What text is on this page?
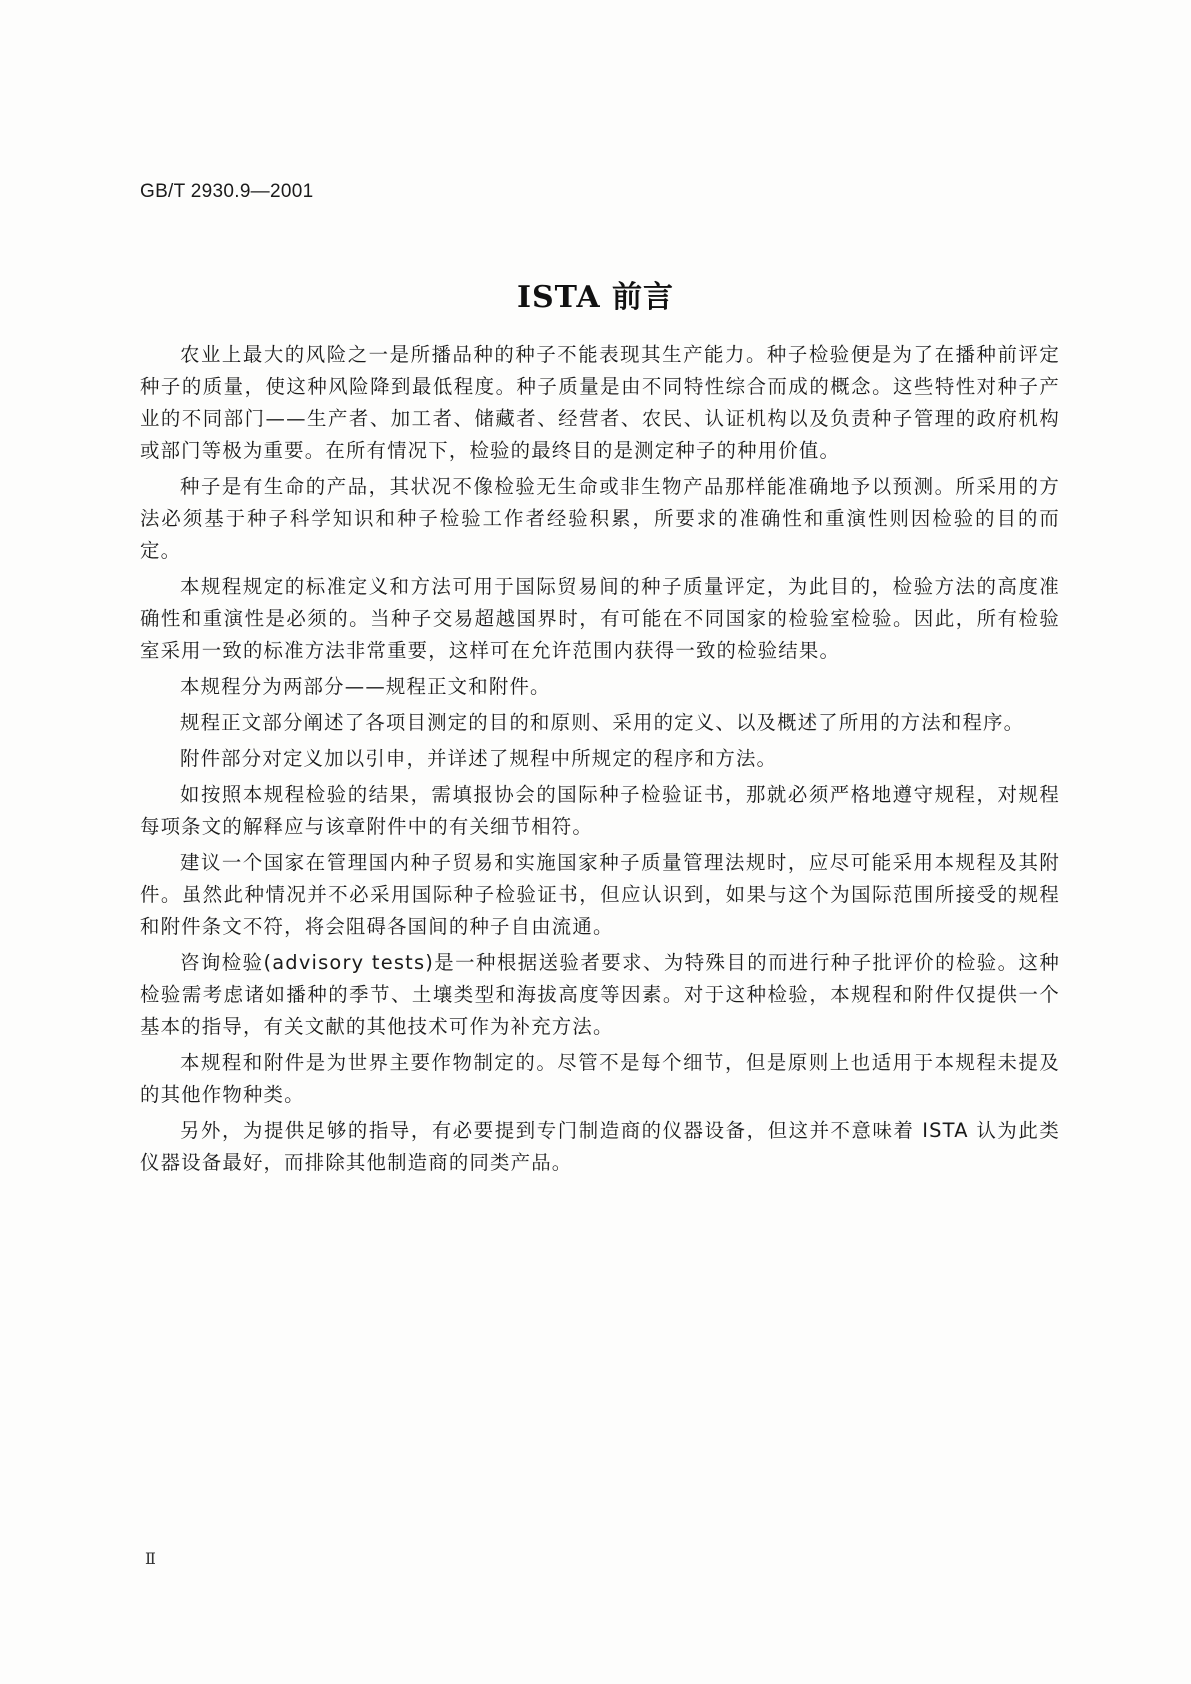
GB/T 2930.9—2001
ISTA 前言

农业上最大的风险之一是所播品种的种子不能表现其生产能力。种子检验便是为了在播种前评定种子的质量，使这种风险降到最低程度。种子质量是由不同特性综合而成的概念。这些特性对种子产业的不同部门——生产者、加工者、储藏者、经营者、农民、认证机构以及负责种子管理的政府机构或部门等极为重要。在所有情况下，检验的最终目的是测定种子的种用价值。

种子是有生命的产品，其状况不像检验无生命或非生物产品那样能准确地予以预测。所采用的方法必须基于种子科学知识和种子检验工作者经验积累，所要求的准确性和重演性则因检验的目的而定。

本规程规定的标准定义和方法可用于国际贸易间的种子质量评定，为此目的，检验方法的高度准确性和重演性是必须的。当种子交易超越国界时，有可能在不同国家的检验室检验。因此，所有检验室采用一致的标准方法非常重要，这样可在允许范围内获得一致的检验结果。

本规程分为两部分——规程正文和附件。

规程正文部分阐述了各项目测定的目的和原则、采用的定义、以及概述了所用的方法和程序。

附件部分对定义加以引申，并详述了规程中所规定的程序和方法。

如按照本规程检验的结果，需填报协会的国际种子检验证书，那就必须严格地遵守规程，对规程每项条文的解释应与该章附件中的有关细节相符。

建议一个国家在管理国内种子贸易和实施国家种子质量管理法规时，应尽可能采用本规程及其附件。虽然此种情况并不必采用国际种子检验证书，但应认识到，如果与这个为国际范围所接受的规程和附件条文不符，将会阻碍各国间的种子自由流通。

咨询检验(advisory tests)是一种根据送验者要求、为特殊目的而进行种子批评价的检验。这种检验需考虑诸如播种的季节、土壤类型和海拔高度等因素。对于这种检验，本规程和附件仅提供一个基本的指导，有关文献的其他技术可作为补充方法。

本规程和附件是为世界主要作物制定的。尽管不是每个细节，但是原则上也适用于本规程未提及的其他作物种类。

另外，为提供足够的指导，有必要提到专门制造商的仪器设备，但这并不意味着 ISTA 认为此类仪器设备最好，而排除其他制造商的同类产品。

Ⅱ
